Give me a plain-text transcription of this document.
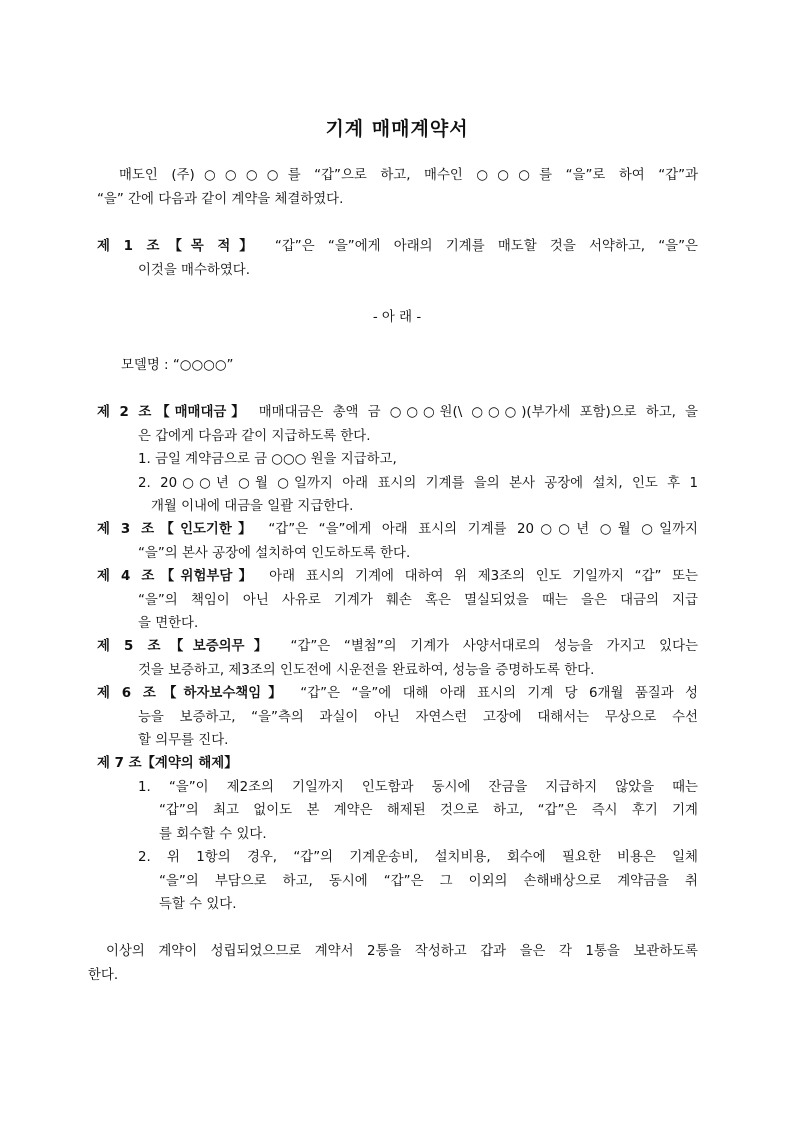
기계 매매계약서
매도인 (주)○○○○를 “갑”으로 하고, 매수인 ○○○를 “을”로 하여 “갑”과
“을” 간에 다음과 같이 계약을 체결하였다.
제 1 조【목 적】 “갑”은 “을”에게 아래의 기계를 매도할 것을 서약하고, “을”은
이것을 매수하였다.
- 아 래 -
모델명 : “○○○○”
제 2 조【매매대금】 매매대금은 총액 금 ○○○원(\ ○○○)(부가세 포함)으로 하고, 을
은 갑에게 다음과 같이 지급하도록 한다.
1. 금일 계약금으로 금 ○○○ 원을 지급하고,
2. 20○○년 ○월 ○일까지 아래 표시의 기계를 을의 본사 공장에 설치, 인도 후 1
개월 이내에 대금을 일괄 지급한다.
제 3 조【인도기한】 “갑”은 “을”에게 아래 표시의 기계를 20○○년 ○월 ○일까지
“을”의 본사 공장에 설치하여 인도하도록 한다.
제 4 조【위험부담】 아래 표시의 기계에 대하여 위 제3조의 인도 기일까지 “갑” 또는
“을”의 책임이 아닌 사유로 기계가 훼손 혹은 멸실되었을 때는 을은 대금의 지급
을 면한다.
제 5 조【보증의무】 “갑”은 “별첨”의 기계가 사양서대로의 성능을 가지고 있다는
것을 보증하고, 제3조의 인도전에 시운전을 완료하여, 성능을 증명하도록 한다.
제 6 조【하자보수책임】 “갑”은 “을”에 대해 아래 표시의 기계 당 6개월 품질과 성
능을 보증하고, “을”측의 과실이 아닌 자연스런 고장에 대해서는 무상으로 수선
할 의무를 진다.
제 7 조【계약의 해제】
1. “을”이 제2조의 기일까지 인도함과 동시에 잔금을 지급하지 않았을 때는
“갑”의 최고 없이도 본 계약은 해제된 것으로 하고, “갑”은 즉시 후기 기계
를 회수할 수 있다.
2. 위 1항의 경우, “갑”의 기계운송비, 설치비용, 회수에 필요한 비용은 일체
“을”의 부담으로 하고, 동시에 “갑”은 그 이외의 손해배상으로 계약금을 취
득할 수 있다.
이상의 계약이 성립되었으므로 계약서 2통을 작성하고 갑과 을은 각 1통을 보관하도록
한다.
